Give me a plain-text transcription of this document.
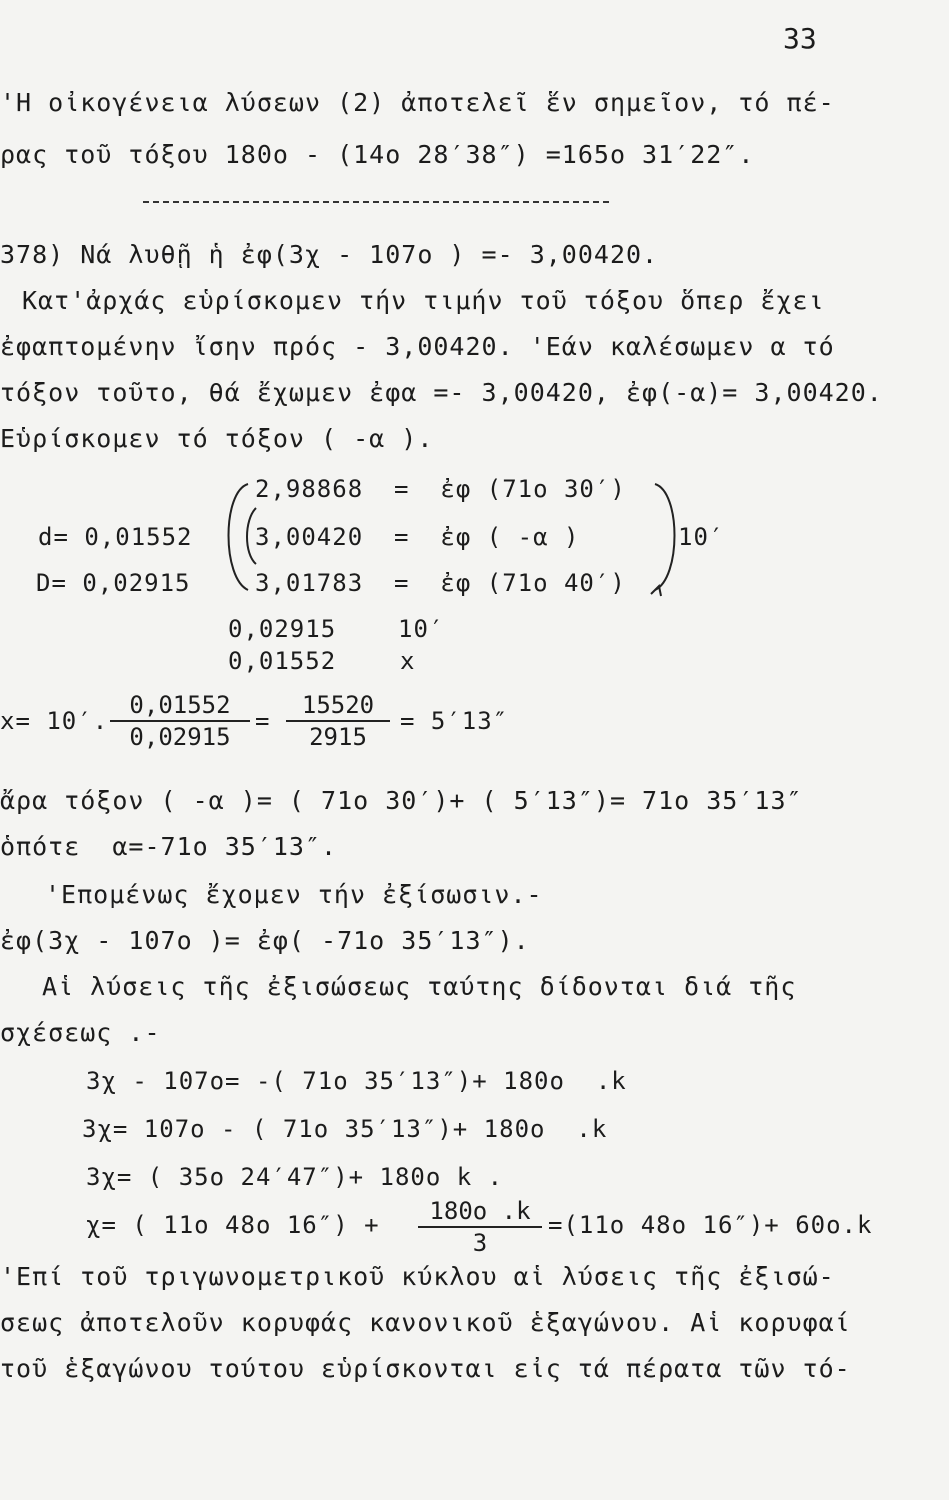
33
'Η οἰκογένεια λύσεων (2) ἀποτελεῖ ἕν σημεῖον, τό πέ-
ρας τοῦ τόξου 180ο - (14ο 28′38″) =165ο 31′22″.
378) Νά λυθῇ ἡ ἐφ(3χ - 107ο ) =- 3,00420.
Κατ'ἀρχάς εὑρίσκομεν τήν τιμήν τοῦ τόξου ὅπερ ἔχει
ἐφαπτομένην ἴσην πρός - 3,00420. 'Εάν καλέσωμεν α τό
τόξον τοῦτο, θά ἔχωμεν ἐφα =- 3,00420, ἐφ(-α)= 3,00420.
Εὑρίσκομεν τό τόξον ( -α ).
2,98868  =  ἐφ (71ο 30′)
3,00420  =  ἐφ ( -α )
3,01783  =  ἐφ (71ο 40′)
10′
d= 0,01552
D= 0,02915
0,02915	10′
0,01552	x
x= 10′. $\frac{0,01552}{0,02915} = \frac{15520}{2915} = 5'13''$
ἄρα τόξον ( -α )= ( 71ο 30′)+ ( 5′13″)= 71ο 35′13″
ὁπότε  α=-71ο 35′13″.
'Επομένως ἔχομεν τήν ἐξίσωσιν.-
ἐφ(3χ - 107ο )= ἐφ( -71ο 35′13″).
Αἱ λύσεις τῆς ἐξισώσεως ταύτης δίδονται διά τῆς
σχέσεως .-
3χ - 107ο= -( 71ο 35′13″)+ 180ο  .k
3χ= 107ο - ( 71ο 35′13″)+ 180ο  .k
3χ= ( 35ο 24′47″)+ 180ο k .
χ= ( 11ο 48ο $16'') + \frac{180o .k}{3} =(11o$ 48ο 16″)+ 60ο.k
'Επί τοῦ τριγωνομετρικοῦ κύκλου αἱ λύσεις τῆς ἐξισώ-
σεως ἀποτελοῦν κορυφάς κανονικοῦ ἑξαγώνου. Αἱ κορυφαί
τοῦ ἑξαγώνου τούτου εὑρίσκονται εἰς τά πέρατα τῶν τό-
